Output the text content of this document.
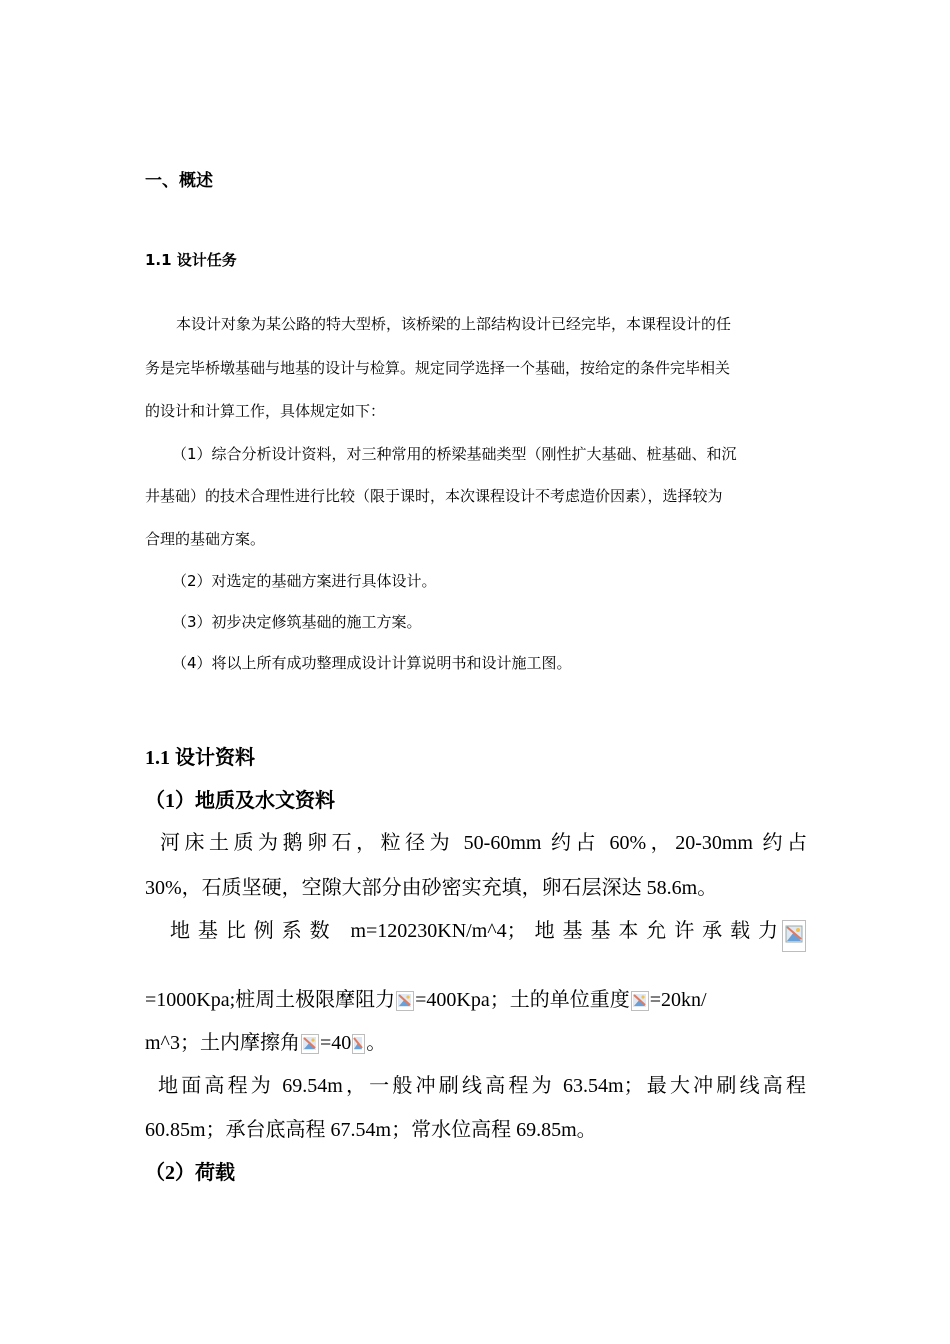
一、概述
1.1 设计任务
本设计对象为某公路的特大型桥，该桥梁的上部结构设计已经完毕，本课程设计的任
务是完毕桥墩基础与地基的设计与检算。规定同学选择一个基础，按给定的条件完毕相关
的设计和计算工作，具体规定如下：
（1）综合分析设计资料，对三种常用的桥梁基础类型（刚性扩大基础、桩基础、和沉
井基础）的技术合理性进行比较（限于课时，本次课程设计不考虑造价因素），选择较为
合理的基础方案。
（2）对选定的基础方案进行具体设计。
（3）初步决定修筑基础的施工方案。
（4）将以上所有成功整理成设计计算说明书和设计施工图。
1.1 设计资料
（1）地质及水文资料
河床土质为鹅卵石，粒径为 50-60mm 约占 60%，20-30mm 约占
30%，石质坚硬，空隙大部分由砂密实充填，卵石层深达 58.6m。
地基比例系数 m=120230KN/m^4；地基基本允许承载力
=1000Kpa;桩周土极限摩阻力 =400Kpa；土的单位重度 =20kn/
m^3；土内摩擦角 =40 。
地面高程为 69.54m，一般冲刷线高程为 63.54m；最大冲刷线高程
60.85m；承台底高程 67.54m；常水位高程 69.85m。
（2）荷载
